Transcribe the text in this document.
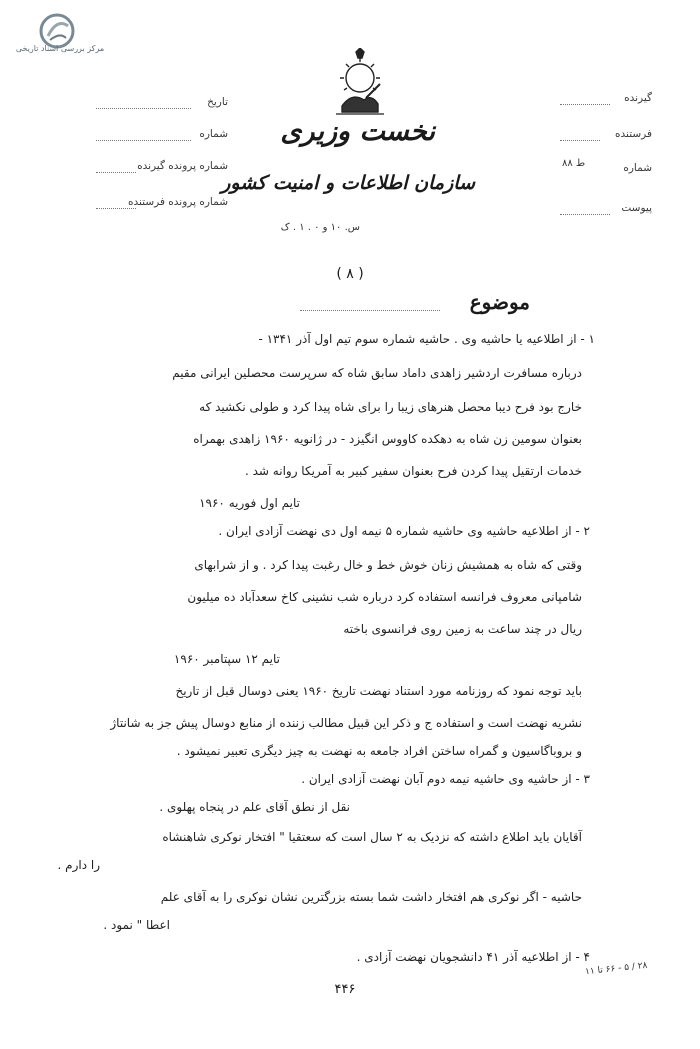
مرکز بررسی اسناد تاریخی
نخست وزیری
سازمان اطلاعات و امنیت کشور
س. ۱۰ و ۰ . ۱ . ک
گیرنده
فرستنده
شماره
ط ۸۸
پیوست
تاریخ
شماره
شماره پرونده گیرنده
شماره پرونده فرستنده
( ۸ )
موضوع
۱ - از اطلاعیه یا حاشیه وی . حاشیه شماره سوم تیم اول آذر ۱۳۴۱ -
درباره مسافرت اردشیر زاهدی داماد سابق شاه که سرپرست محصلین ایرانی مقیم
خارج بود فرح دیبا محصل هنرهای زیبا را برای شاه پیدا کرد و طولی نکشید که
بعنوان سومین زن شاه به دهکده کاووس انگیزد - در ژانویه ۱۹۶۰ زاهدی بهمراه
خدمات ارتقیل پیدا کردن فرح بعنوان سفیر کبیر به آمریکا روانه شد .
تایم اول فوریه ۱۹۶۰
۲ - از اطلاعیه حاشیه وی حاشیه شماره ۵ نیمه اول دی نهضت آزادی ایران .
وقتی که شاه به همشیش زنان خوش خط و خال رغبت پیدا کرد . و از شرابهای
شامپانی معروف فرانسه استفاده کرد درباره شب نشینی کاخ سعدآباد ده میلیون
ریال در چند ساعت به زمین روی فرانسوی باخته
تایم ۱۲ سپتامبر ۱۹۶۰
باید توجه نمود که روزنامه مورد استناد نهضت تاریخ ۱۹۶۰ یعنی دوسال قبل از تاریخ
نشریه نهضت است و استفاده ج و ذکر این قبیل مطالب زننده از منابع دوسال پیش جز به شانتاژ
و بروباگاسیون و گمراه ساختن افراد جامعه به نهضت به چیز دیگری تعبیر نمیشود .
۳ - از حاشیه وی حاشیه نیمه دوم آبان نهضت آزادی ایران .
نقل از نطق آقای علم در پنجاه پهلوی .
آقایان باید اطلاع داشته که نزدیک به ۲ سال است که سعتقیا " افتخار نوکری شاهنشاه
را دارم .
حاشیه - اگر نوکری هم افتخار داشت شما بسته بزرگترین نشان نوکری را به آقای علم
اعطا " نمود .
۴ - از اطلاعیه آذر ۴۱ دانشجویان نهضت آزادی .
۲۸ / ۵ - ۶۶ تا ۱۱
۴۴۶
